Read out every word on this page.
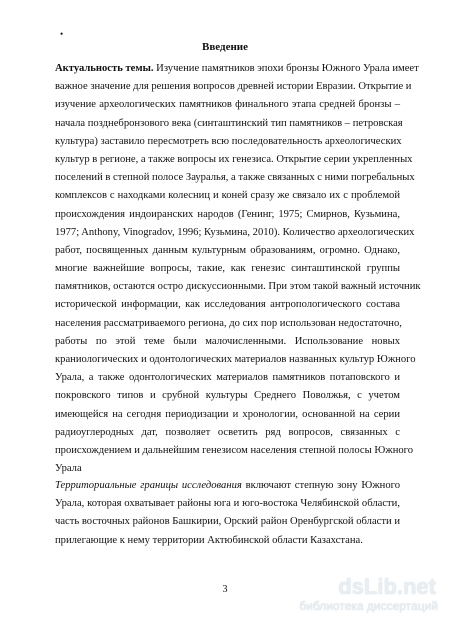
•
Введение
Актуальность темы. Изучение памятников эпохи бронзы Южного Урала имеет
важное значение для решения вопросов древней истории Евразии. Открытие и
изучение археологических памятников финального этапа средней бронзы –
начала позднебронзового века (синташтинский тип памятников – петровская
культура) заставило пересмотреть всю последовательность археологических
культур в регионе, а также вопросы их генезиса. Открытие серии укрепленных
поселений в степной полосе Зауралья, а также связанных с ними погребальных
комплексов с находками колесниц и коней сразу же связало их с проблемой
происхождения индоиранских народов (Генинг, 1975; Смирнов, Кузьмина,
1977; Anthony, Vinogradov, 1996; Кузьмина, 2010). Количество археологических
работ, посвященных данным культурным образованиям, огромно. Однако,
многие важнейшие вопросы, такие, как генезис синташтинской группы
памятников, остаются остро дискуссионными. При этом такой важный источник
исторической информации, как исследования антропологического состава
населения рассматриваемого региона, до сих пор использован недостаточно,
работы по этой теме были малочисленными. Использование новых
краниологических и одонтологических материалов названных культур Южного
Урала, а также одонтологических материалов памятников потаповского и
покровского типов и срубной культуры Среднего Поволжья, с учетом
имеющейся на сегодня периодизации и хронологии, основанной на серии
радиоуглеродных дат, позволяет осветить ряд вопросов, связанных с
происхождением и дальнейшим генезисом населения степной полосы Южного
Урала
Территориальные границы исследования включают степную зону Южного
Урала, которая охватывает районы юга и юго-востока Челябинской области,
часть восточных районов Башкирии, Орский район Оренбургской области и
прилегающие к нему территории Актюбинской области Казахстана.
3	dsLib.net
библиотека диссертаций
